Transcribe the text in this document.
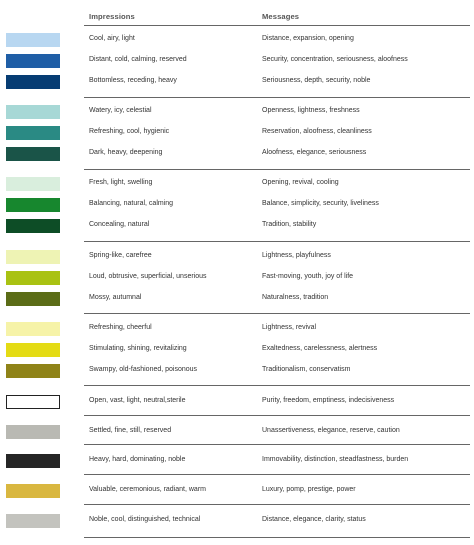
Impressions	Messages
Cool, airy, light	Distance, expansion, opening
Distant, cold, calming, reserved	Security, concentration, seriousness, aloofness
Bottomless, receding, heavy	Seriousness, depth, security, noble
Watery, icy, celestial	Openness, lightness, freshness
Refreshing, cool, hygienic	Reservation, aloofness, cleanliness
Dark, heavy, deepening	Aloofness, elegance, seriousness
Fresh, light, swelling	Opening, revival, cooling
Balancing, natural, calming	Balance, simplicity, security, liveliness
Concealing, natural	Tradition, stability
Spring-like, carefree	Lightness, playfulness
Loud, obtrusive, superficial, unserious	Fast-moving, youth, joy of life
Mossy, autumnal	Naturalness, tradition
Refreshing, cheerful	Lightness, revival
Stimulating, shining, revitalizing	Exaltedness, carelessness, alertness
Swampy, old-fashioned, poisonous	Traditionalism, conservatism
Open, vast, light, neutral,sterile	Purity, freedom, emptiness, indecisiveness
Settled, fine, still, reserved	Unassertiveness, elegance, reserve, caution
Heavy, hard, dominating, noble	Immovability, distinction, steadfastness, burden
Valuable, ceremonious, radiant, warm	Luxury, pomp, prestige, power
Noble, cool, distinguished, technical	Distance, elegance, clarity, status
